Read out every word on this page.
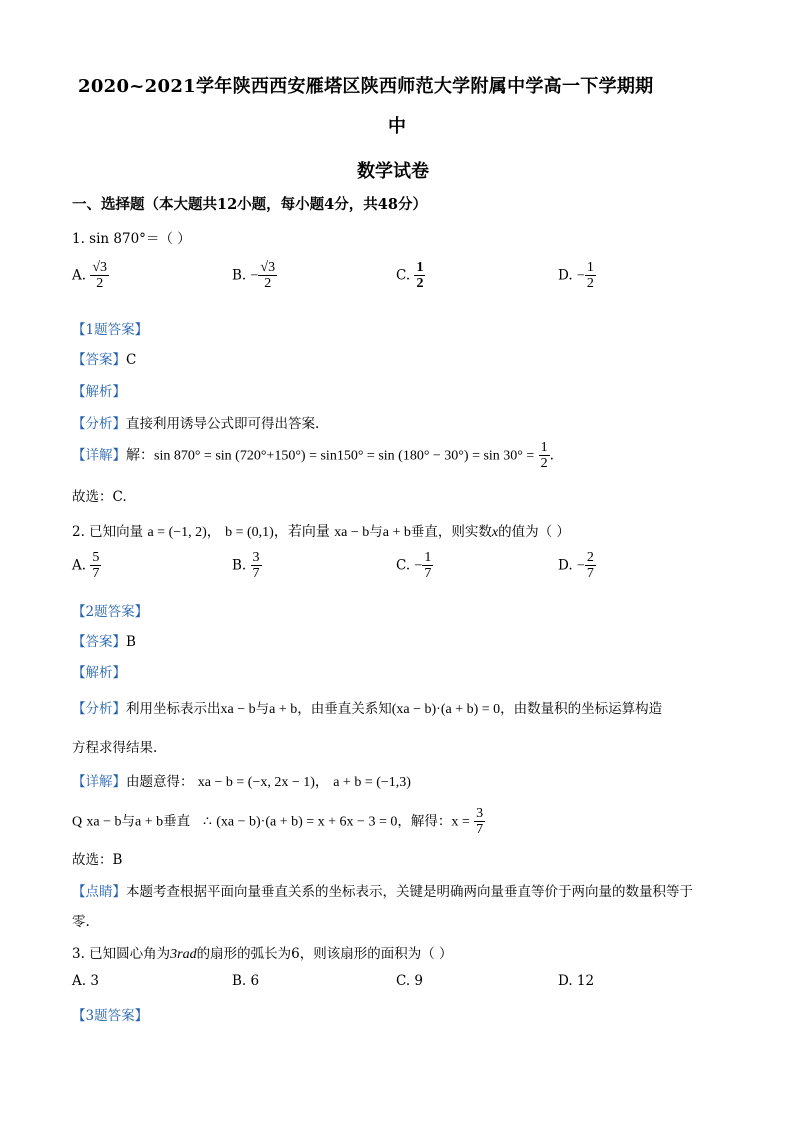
2020~2021学年陕西西安雁塔区陕西师范大学附属中学高一下学期期
中
数学试卷
一、选择题（本大题共12小题，每小题4分，共48分）
1. sin 870°＝（ ）
A. $\frac{√3}{2}$	B. − $\frac{√3}{2}$	C. $\frac{1}{2}$	D. − $\frac{1}{2}$
【1题答案】
【答案】C
【解析】
【分析】直接利用诱导公式即可得出答案.
【详解】解：$\sin 870^\circ = \sin (720^\circ+150^\circ) = \sin 150^\circ = \sin (180^\circ - 30^\circ) = \sin 30^\circ = \frac{1}{2}$ .
故选：C.
2. 已知向量 a = (−1, 2)， b = (0,1)，若向量 xa − b与a + b垂直，则实数x的值为（ ）
A. $\frac{5}{7}$	B. $\frac{3}{7}$	C. − $\frac{1}{7}$	D. − $\frac{2}{7}$
【2题答案】
【答案】B
【解析】
【分析】利用坐标表示出xa − b与a + b，由垂直关系知(xa − b)·(a + b) = 0，由数量积的坐标运算构造
方程求得结果.
【详解】由题意得： xa − b = (−x, 2x − 1)， a + b = (−1,3)
Q xa − b与a + b垂直 ∴ (xa − b)·(a + b) = x + 6x − 3 = 0，解得：$x = \frac{3}{7}$
故选：B
【点睛】本题考查根据平面向量垂直关系的坐标表示，关键是明确两向量垂直等价于两向量的数量积等于
零.
3. 已知圆心角为3rad的扇形的弧长为6，则该扇形的面积为（ ）
A. 3	B. 6	C. 9	D. 12
【3题答案】
